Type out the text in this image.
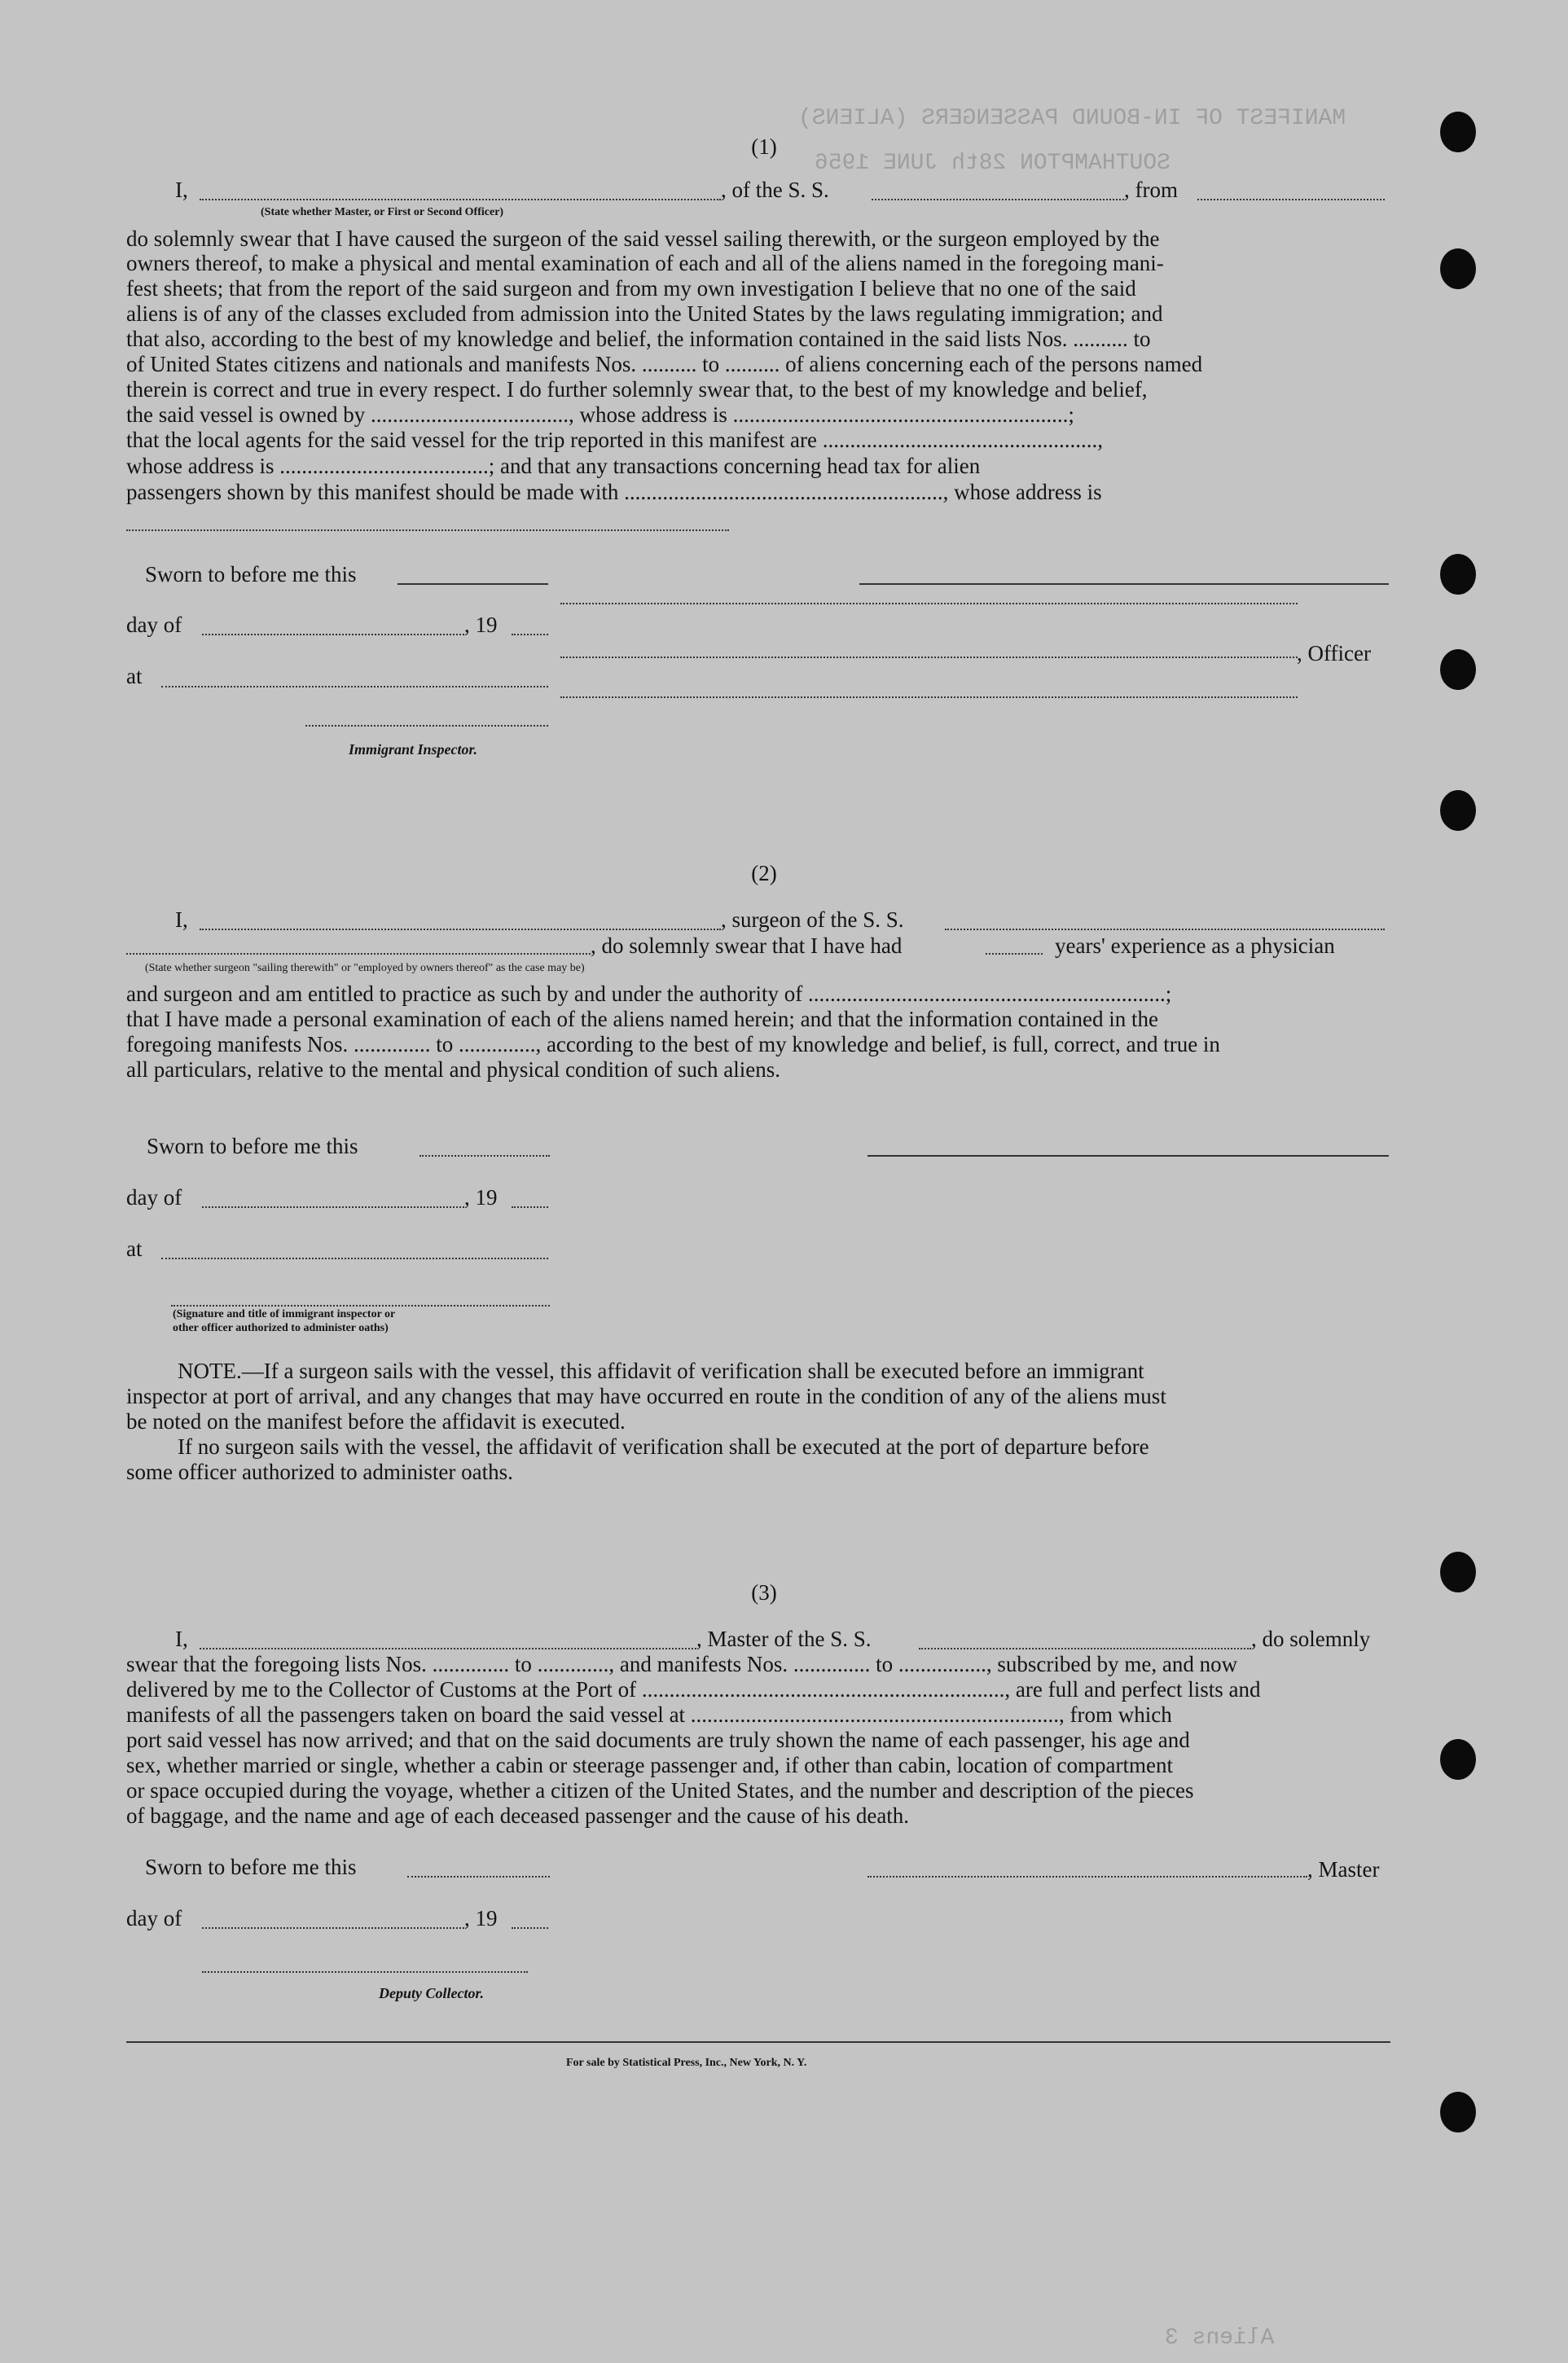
MANIFEST OF IN-BOUND PASSENGERS (ALIENS)
SOUTHAMPTON 28th JUNE 1956
Aliens 3
(1)
I,	, of the S. S.	, from
(State whether Master, or First or Second Officer)
do solemnly swear that I have caused the surgeon of the said vessel sailing therewith, or the surgeon employed by the
owners thereof, to make a physical and mental examination of each and all of the aliens named in the foregoing mani-
fest sheets; that from the report of the said surgeon and from my own investigation I believe that no one of the said
aliens is of any of the classes excluded from admission into the United States by the laws regulating immigration; and
that also, according to the best of my knowledge and belief, the information contained in the said lists Nos. .......... to
of United States citizens and nationals and manifests Nos. .......... to .......... of aliens concerning each of the persons named
therein is correct and true in every respect. I do further solemnly swear that, to the best of my knowledge and belief,
the said vessel is owned by ...................................., whose address is .............................................................;
that the local agents for the said vessel for the trip reported in this manifest are ..................................................,
whose address is ......................................; and that any transactions concerning head tax for alien
passengers shown by this manifest should be made with .........................................................., whose address is
Sworn to before me this
day of	, 19
, Officer
at
Immigrant Inspector.
(2)
I,	, surgeon of the S. S.
, do solemnly swear that I have had	years' experience as a physician
(State whether surgeon "sailing therewith" or "employed by owners thereof" as the case may be)
and surgeon and am entitled to practice as such by and under the authority of .................................................................;
that I have made a personal examination of each of the aliens named herein; and that the information contained in the
foregoing manifests Nos. .............. to .............., according to the best of my knowledge and belief, is full, correct, and true in
all particulars, relative to the mental and physical condition of such aliens.
Sworn to before me this
day of	, 19
at
(Signature and title of immigrant inspector or
other officer authorized to administer oaths)
NOTE.—If a surgeon sails with the vessel, this affidavit of verification shall be executed before an immigrant
inspector at port of arrival, and any changes that may have occurred en route in the condition of any of the aliens must
be noted on the manifest before the affidavit is executed.
If no surgeon sails with the vessel, the affidavit of verification shall be executed at the port of departure before
some officer authorized to administer oaths.
(3)
I,	, Master of the S. S.	, do solemnly
swear that the foregoing lists Nos. .............. to ............., and manifests Nos. .............. to ................, subscribed by me, and now
delivered by me to the Collector of Customs at the Port of .................................................................., are full and perfect lists and
manifests of all the passengers taken on board the said vessel at ..................................................................., from which
port said vessel has now arrived; and that on the said documents are truly shown the name of each passenger, his age and
sex, whether married or single, whether a cabin or steerage passenger and, if other than cabin, location of compartment
or space occupied during the voyage, whether a citizen of the United States, and the number and description of the pieces
of baggage, and the name and age of each deceased passenger and the cause of his death.
Sworn to before me this	, Master
day of	, 19
Deputy Collector.
For sale by Statistical Press, Inc., New York, N. Y.
